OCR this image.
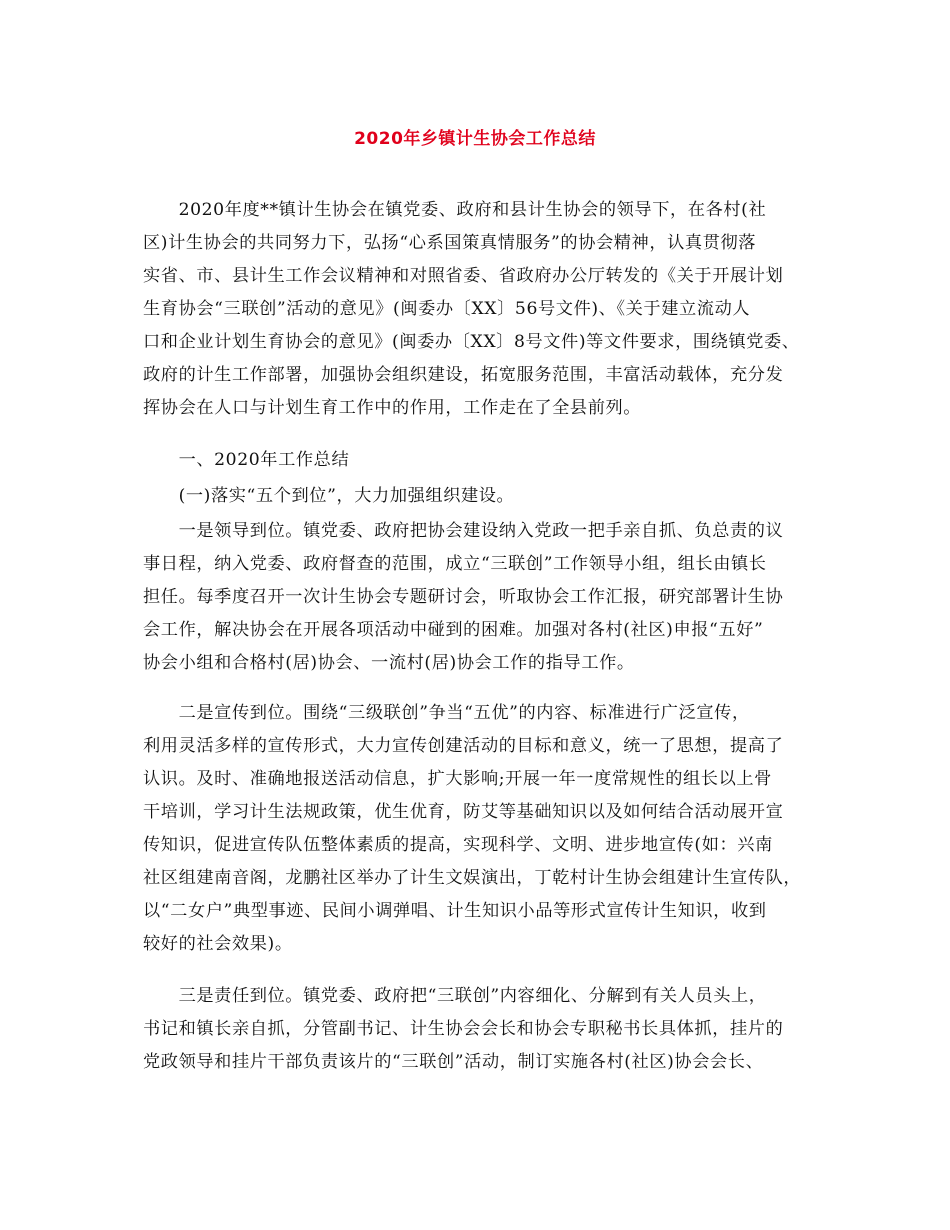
2020年乡镇计生协会工作总结
　　2020年度**镇计生协会在镇党委、政府和县计生协会的领导下，在各村(社
区)计生协会的共同努力下，弘扬“心系国策真情服务”的协会精神，认真贯彻落
实省、市、县计生工作会议精神和对照省委、省政府办公厅转发的《关于开展计划
生育协会“三联创”活动的意见》(闽委办〔XX〕56号文件)、《关于建立流动人
口和企业计划生育协会的意见》(闽委办〔XX〕8号文件)等文件要求，围绕镇党委、
政府的计生工作部署，加强协会组织建设，拓宽服务范围，丰富活动载体，充分发
挥协会在人口与计划生育工作中的作用，工作走在了全县前列。
　　一、2020年工作总结
　　(一)落实“五个到位”，大力加强组织建设。
　　一是领导到位。镇党委、政府把协会建设纳入党政一把手亲自抓、负总责的议
事日程，纳入党委、政府督查的范围，成立“三联创”工作领导小组，组长由镇长
担任。每季度召开一次计生协会专题研讨会，听取协会工作汇报，研究部署计生协
会工作，解决协会在开展各项活动中碰到的困难。加强对各村(社区)申报“五好”
协会小组和合格村(居)协会、一流村(居)协会工作的指导工作。
　　二是宣传到位。围绕“三级联创”争当“五优”的内容、标准进行广泛宣传，
利用灵活多样的宣传形式，大力宣传创建活动的目标和意义，统一了思想，提高了
认识。及时、准确地报送活动信息，扩大影响;开展一年一度常规性的组长以上骨
干培训，学习计生法规政策，优生优育，防艾等基础知识以及如何结合活动展开宣
传知识，促进宣传队伍整体素质的提高，实现科学、文明、进步地宣传(如：兴南
社区组建南音阁，龙鹏社区举办了计生文娱演出，丁乾村计生协会组建计生宣传队，
以“二女户”典型事迹、民间小调弹唱、计生知识小品等形式宣传计生知识，收到
较好的社会效果)。
　　三是责任到位。镇党委、政府把“三联创”内容细化、分解到有关人员头上，
书记和镇长亲自抓，分管副书记、计生协会会长和协会专职秘书长具体抓，挂片的
党政领导和挂片干部负责该片的“三联创”活动，制订实施各村(社区)协会会长、
